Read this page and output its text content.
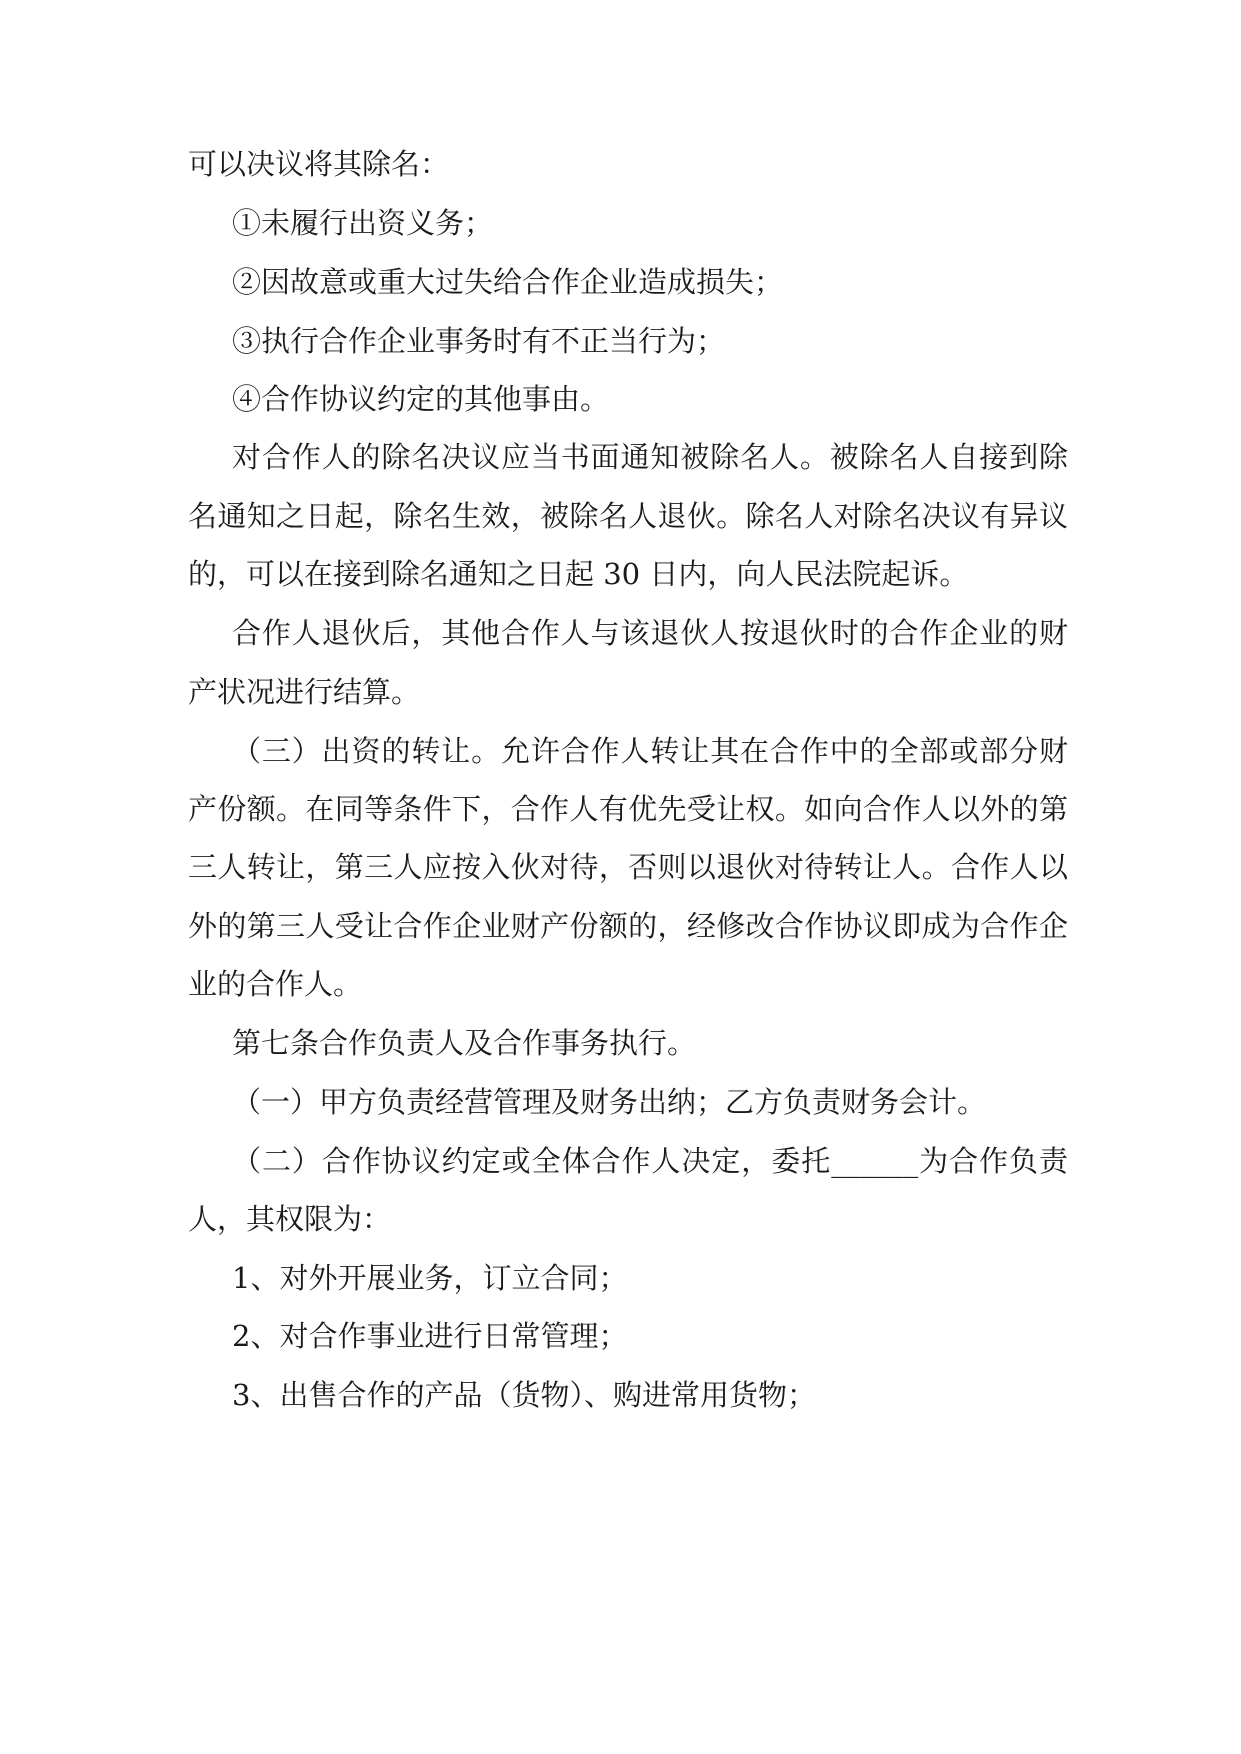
可以决议将其除名：

①未履行出资义务；

②因故意或重大过失给合作企业造成损失；

③执行合作企业事务时有不正当行为；

④合作协议约定的其他事由。

对合作人的除名决议应当书面通知被除名人。被除名人自接到除

名通知之日起，除名生效，被除名人退伙。除名人对除名决议有异议

的，可以在接到除名通知之日起 30 日内，向人民法院起诉。

合作人退伙后，其他合作人与该退伙人按退伙时的合作企业的财

产状况进行结算。

（三）出资的转让。允许合作人转让其在合作中的全部或部分财

产份额。在同等条件下，合作人有优先受让权。如向合作人以外的第

三人转让，第三人应按入伙对待，否则以退伙对待转让人。合作人以

外的第三人受让合作企业财产份额的，经修改合作协议即成为合作企

业的合作人。

第七条合作负责人及合作事务执行。

（一）甲方负责经营管理及财务出纳；乙方负责财务会计。

（二）合作协议约定或全体合作人决定，委托______为合作负责

人，其权限为：

1、对外开展业务，订立合同；

2、对合作事业进行日常管理；

3、出售合作的产品（货物）、购进常用货物；
